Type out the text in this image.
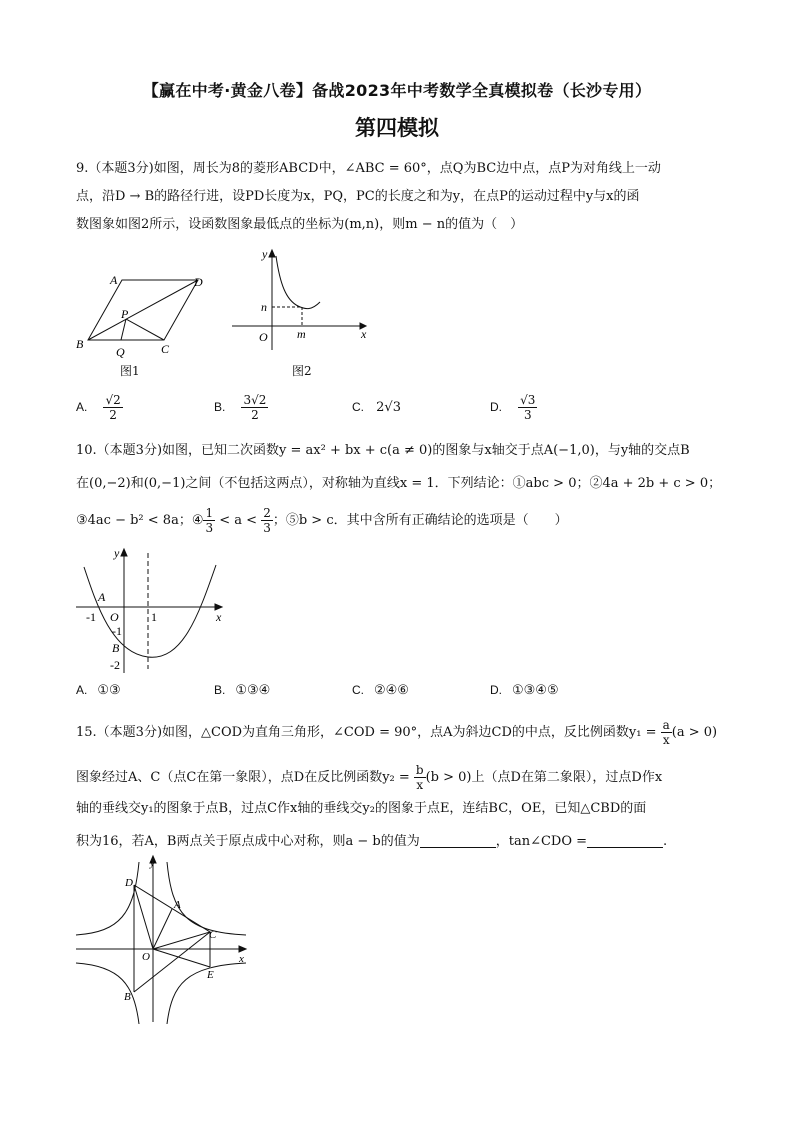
【赢在中考·黄金八卷】备战2023年中考数学全真模拟卷（长沙专用）
第四模拟
9.（本题3分)如图，周长为8的菱形ABCD中，∠ABC = 60°，点Q为BC边中点，点P为对角线上一动
点，沿D → B的路径行进，设PD长度为x，PQ，PC的长度之和为y，在点P的运动过程中y与x的函
数图象如图2所示，设函数图象最低点的坐标为(m,n)，则m − n的值为（　）
A
B	C
D
P
Q
图1
y
x
O
n
m
图2
A. $\frac{√2}{2}$	B. $\frac{3√2}{2}$	C. 2√3	D. $\frac{√3}{3}$
10.（本题3分)如图，已知二次函数y = ax² + bx + c(a ≠ 0)的图象与x轴交于点A(−1,0)，与y轴的交点B
在(0,−2)和(0,−1)之间（不包括这两点），对称轴为直线x = 1．下列结论：①abc > 0；②4a + 2b + c > 0；
③4ac − b² < 8a；④ $\frac{1}{3} < a < \frac{2}{3}$ ；⑤b > c．其中含所有正确结论的选项是（　　）
y
x
A
-1 O	1
-1
B
-2
A. ①③	B. ①③④	C. ②④⑥	D. ①③④⑤
15.（本题3分)如图，△COD为直角三角形，∠COD = 90°，点A为斜边CD的中点，反比例函数$y_1 = \frac{a}{x} (a > 0)$
图象经过A、C（点C在第一象限），点D在反比例函数$y_2 = \frac{b}{x} (b > 0)$上（点D在第二象限），过点D作x
轴的垂线交y₁的图象于点B，过点C作x轴的垂线交y₂的图象于点E，连结BC，OE，已知△CBD的面
积为16，若A，B两点关于原点成中心对称，则a − b的值为	，tan∠CDO =	.
y
x
O
A
B
C
D
E
